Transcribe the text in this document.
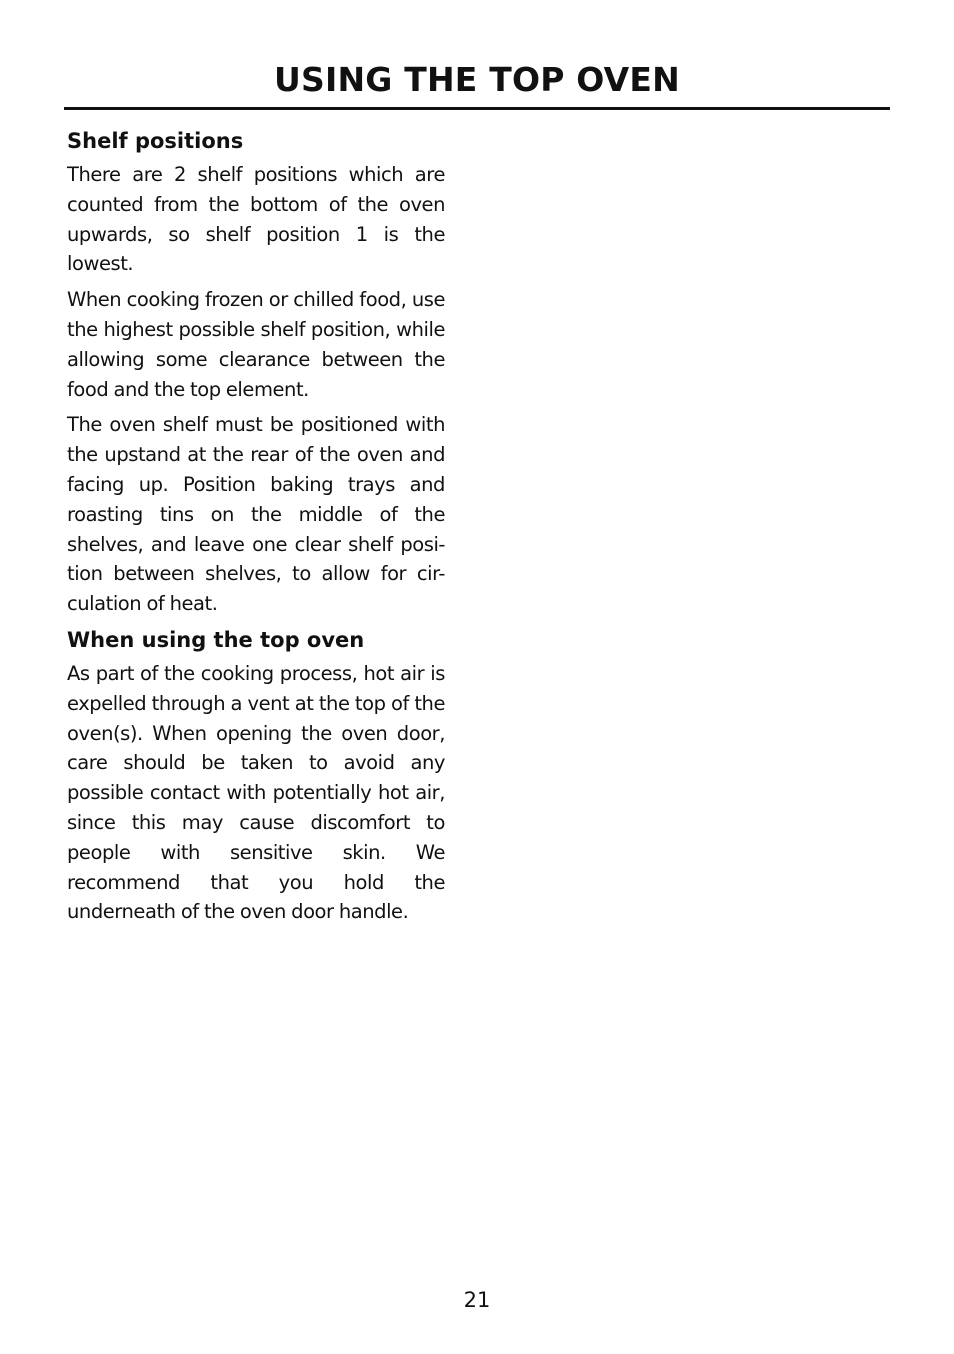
USING THE TOP OVEN
Shelf positions

There are 2 shelf positions which are counted from the bottom of the oven upwards, so shelf position 1 is the lowest.

When cooking frozen or chilled food, use the highest possible shelf position, while allowing some clearance between the food and the top element.

The oven shelf must be positioned with the upstand at the rear of the oven and facing up. Position baking trays and roasting tins on the middle of the shelves, and leave one clear shelf posi-tion between shelves, to allow for cir-culation of heat.

When using the top oven

As part of the cooking process, hot air is expelled through a vent at the top of the oven(s). When opening the oven door, care should be taken to avoid any possible contact with potentially hot air, since this may cause discomfort to people with sensitive skin. We recommend that you hold the underneath of the oven door handle.

21
